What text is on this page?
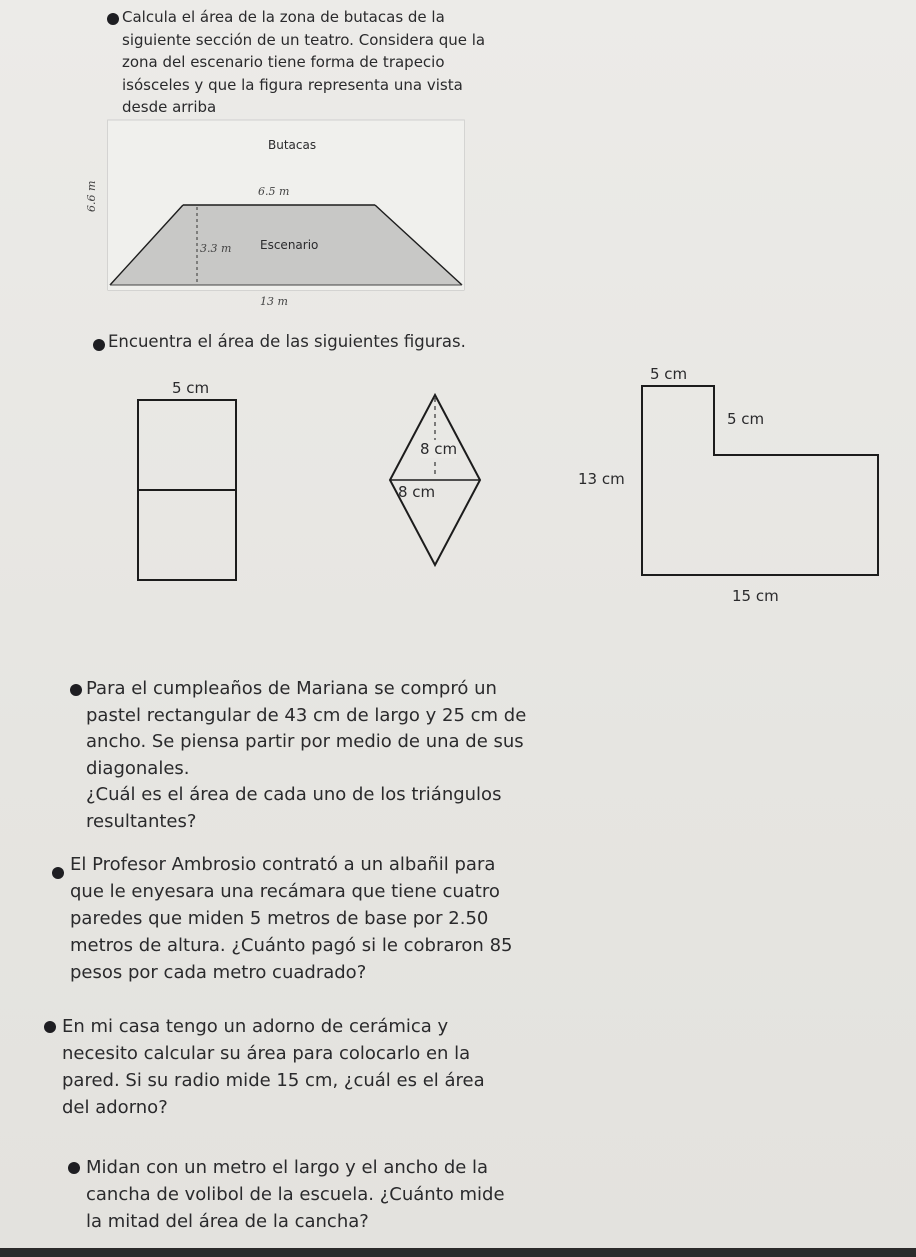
Calcula el área de la zona de butacas de la
siguiente sección de un teatro. Considera que la
zona del escenario tiene forma de trapecio
isósceles y que la figura representa una vista
desde arriba
Butacas
6.5 m
6.6 m
3.3 m Escenario
13 m
Encuentra el área de las siguientes figuras.
5 cm
8 cm
8 cm
5 cm
5 cm
13 cm
15 cm
Para el cumpleaños de Mariana se compró un
pastel rectangular de 43 cm de largo y 25 cm de
ancho. Se piensa partir por medio de una de sus
diagonales.
¿Cuál es el área de cada uno de los triángulos
resultantes?
El Profesor Ambrosio contrató a un albañil para
que le enyesara una recámara que tiene cuatro
paredes que miden 5 metros de base por 2.50
metros de altura. ¿Cuánto pagó si le cobraron 85
pesos por cada metro cuadrado?
En mi casa tengo un adorno de cerámica y
necesito calcular su área para colocarlo en la
pared. Si su radio mide 15 cm, ¿cuál es el área
del adorno?
Midan con un metro el largo y el ancho de la
cancha de volibol de la escuela. ¿Cuánto mide
la mitad del área de la cancha?
